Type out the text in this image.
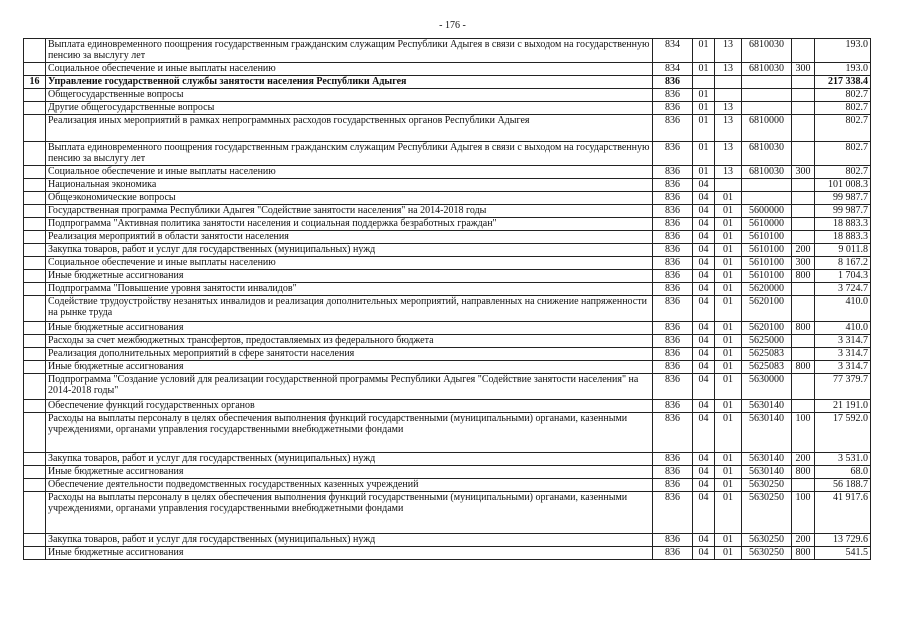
- 176 -
	Выплата единовременного поощрения государственным гражданским служащим Республики Адыгея в связи с выходом на государственную пенсию за выслугу лет	834	01	13	6810030		193.0
	Социальное обеспечение и иные выплаты населению	834	01	13	6810030	300	193.0
16	Управление государственной службы занятости населения Республики Адыгея	836					217 338.4
	Общегосударственные вопросы	836	01				802.7
	Другие общегосударственные вопросы	836	01	13			802.7
	Реализация иных мероприятий в рамках непрограммных расходов государственных органов Республики Адыгея	836	01	13	6810000		802.7
	Выплата единовременного поощрения государственным гражданским служащим Республики Адыгея в связи с выходом на государственную пенсию за выслугу лет	836	01	13	6810030		802.7
	Социальное обеспечение и иные выплаты населению	836	01	13	6810030	300	802.7
	Национальная экономика	836	04				101 008.3
	Общеэкономические вопросы	836	04	01			99 987.7
	Государственная программа Республики Адыгея "Содействие занятости населения" на 2014-2018 годы	836	04	01	5600000		99 987.7
	Подпрограмма "Активная политика занятости населения и социальная поддержка безработных граждан"	836	04	01	5610000		18 883.3
	Реализация мероприятий в области занятости населения	836	04	01	5610100		18 883.3
	Закупка товаров, работ и услуг для государственных (муниципальных) нужд	836	04	01	5610100	200	9 011.8
	Социальное обеспечение и иные выплаты населению	836	04	01	5610100	300	8 167.2
	Иные бюджетные ассигнования	836	04	01	5610100	800	1 704.3
	Подпрограмма "Повышение уровня занятости инвалидов"	836	04	01	5620000		3 724.7
	Содействие трудоустройству незанятых инвалидов и реализация дополнительных мероприятий, направленных на снижение напряженности на рынке труда	836	04	01	5620100		410.0
	Иные бюджетные ассигнования	836	04	01	5620100	800	410.0
	Расходы за счет межбюджетных трансфертов, предоставляемых из федерального бюджета	836	04	01	5625000		3 314.7
	Реализация дополнительных мероприятий в сфере занятости населения	836	04	01	5625083		3 314.7
	Иные бюджетные ассигнования	836	04	01	5625083	800	3 314.7
	Подпрограмма "Создание условий для реализации государственной программы Республики Адыгея "Содействие занятости населения" на 2014-2018 годы"	836	04	01	5630000		77 379.7
	Обеспечение функций государственных органов	836	04	01	5630140		21 191.0
	Расходы на выплаты персоналу в целях обеспечения выполнения функций государственными (муниципальными) органами, казенными учреждениями, органами управления государственными внебюджетными фондами	836	04	01	5630140	100	17 592.0
	Закупка товаров, работ и услуг для государственных (муниципальных) нужд	836	04	01	5630140	200	3 531.0
	Иные бюджетные ассигнования	836	04	01	5630140	800	68.0
	Обеспечение деятельности подведомственных государственных казенных учреждений	836	04	01	5630250		56 188.7
	Расходы на выплаты персоналу в целях обеспечения выполнения функций государственными (муниципальными) органами, казенными учреждениями, органами управления государственными внебюджетными фондами	836	04	01	5630250	100	41 917.6
	Закупка товаров, работ и услуг для государственных (муниципальных) нужд	836	04	01	5630250	200	13 729.6
	Иные бюджетные ассигнования	836	04	01	5630250	800	541.5
